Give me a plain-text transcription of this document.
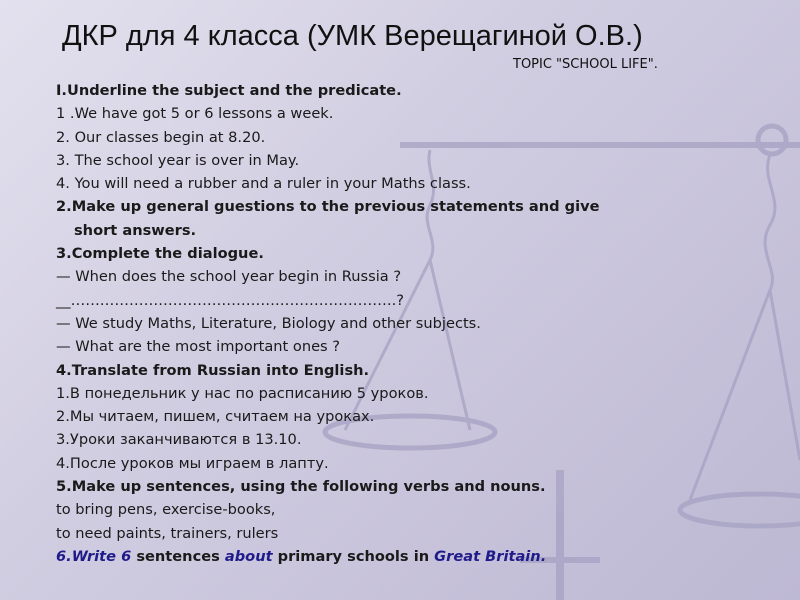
ДКР для 4 класса (УМК Верещагиной О.В.)
TOPIC "SCHOOL LIFE".
I.Underline the subject and the predicate.
1 .We have got 5 or 6 lessons a week.
2. Our classes begin at 8.20.
3. The school year is over in May.
4. You will need a rubber and a ruler in your Maths class.
2.Make up general guestions to the previous statements and give
short answers.
3.Complete the dialogue.
— When does the school year begin in Russia ?
__………………………………………………………….?
— We study Maths, Literature, Biology and other subjects.
— What are the most important ones ?
4.Translate from Russian into English.
1.В понедельник у нас по расписанию 5 уроков.
2.Мы читаем, пишем, считаем на уроках.
3.Уроки заканчиваются в 13.10.
4.После уроков мы играем в лапту.
5.Make up sentences, using the following verbs and nouns.
to bring pens, exercise-books,
to need paints, trainers, rulers
6.Write 6 sentences about primary schools in Great Britain.
